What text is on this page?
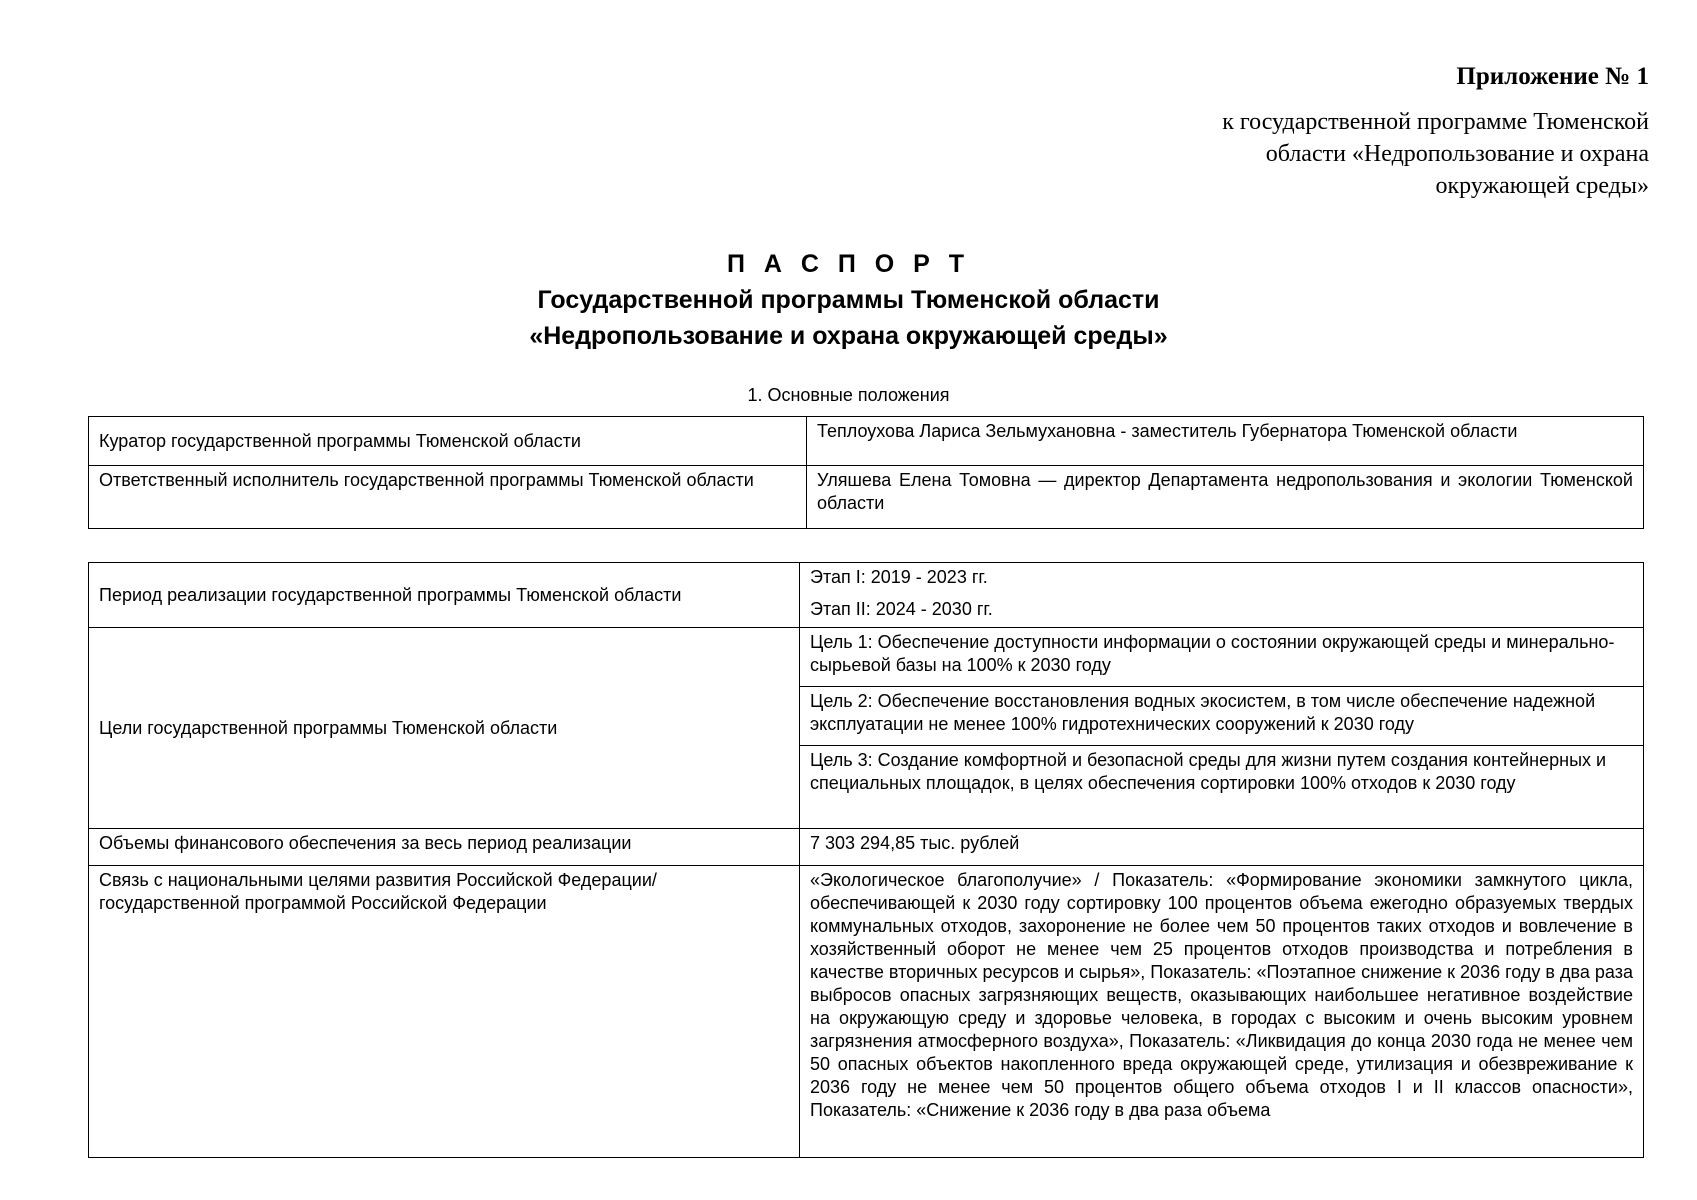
Приложение № 1
к государственной программе Тюменской
области «Недропользование и охрана
окружающей среды»
П А С П О Р Т
Государственной программы Тюменской области
«Недропользование и охрана окружающей среды»
1. Основные положения
Куратор государственной программы Тюменской области	Теплоухова Лариса Зельмухановна - заместитель Губернатора Тюменской области
Ответственный исполнитель государственной программы Тюменской области	Уляшева Елена Томовна — директор Департамента недропользования и экологии Тюменской области
Период реализации государственной программы Тюменской области	Этап I: 2019 - 2023 гг.

	Этап II: 2024 - 2030 гг.

Цели государственной программы Тюменской области	Цель 1: Обеспечение доступности информации о состоянии окружающей среды и минерально-сырьевой базы на 100% к 2030 году
	Цель 2: Обеспечение восстановления водных экосистем, в том числе обеспечение надежной эксплуатации не менее 100% гидротехнических сооружений к 2030 году
	Цель 3: Создание комфортной и безопасной среды для жизни путем создания контейнерных и специальных площадок, в целях обеспечения сортировки 100% отходов к 2030 году
Объемы финансового обеспечения за весь период реализации	7 303 294,85 тыс. рублей
Связь с национальными целями развития Российской Федерации/ государственной программой Российской Федерации	«Экологическое благополучие» / Показатель: «Формирование экономики замкнутого цикла, обеспечивающей к 2030 году сортировку 100 процентов объема ежегодно образуемых твердых коммунальных отходов, захоронение не более чем 50 процентов таких отходов и вовлечение в хозяйственный оборот не менее чем 25 процентов отходов производства и потребления в качестве вторичных ресурсов и сырья», Показатель: «Поэтапное снижение к 2036 году в два раза выбросов опасных загрязняющих веществ, оказывающих наибольшее негативное воздействие на окружающую среду и здоровье человека, в городах с высоким и очень высоким уровнем загрязнения атмосферного воздуха», Показатель: «Ликвидация до конца 2030 года не менее чем 50 опасных объектов накопленного вреда окружающей среде, утилизация и обезвреживание к 2036 году не менее чем 50 процентов общего объема отходов I и II классов опасности», Показатель: «Снижение к 2036 году в два раза объема
